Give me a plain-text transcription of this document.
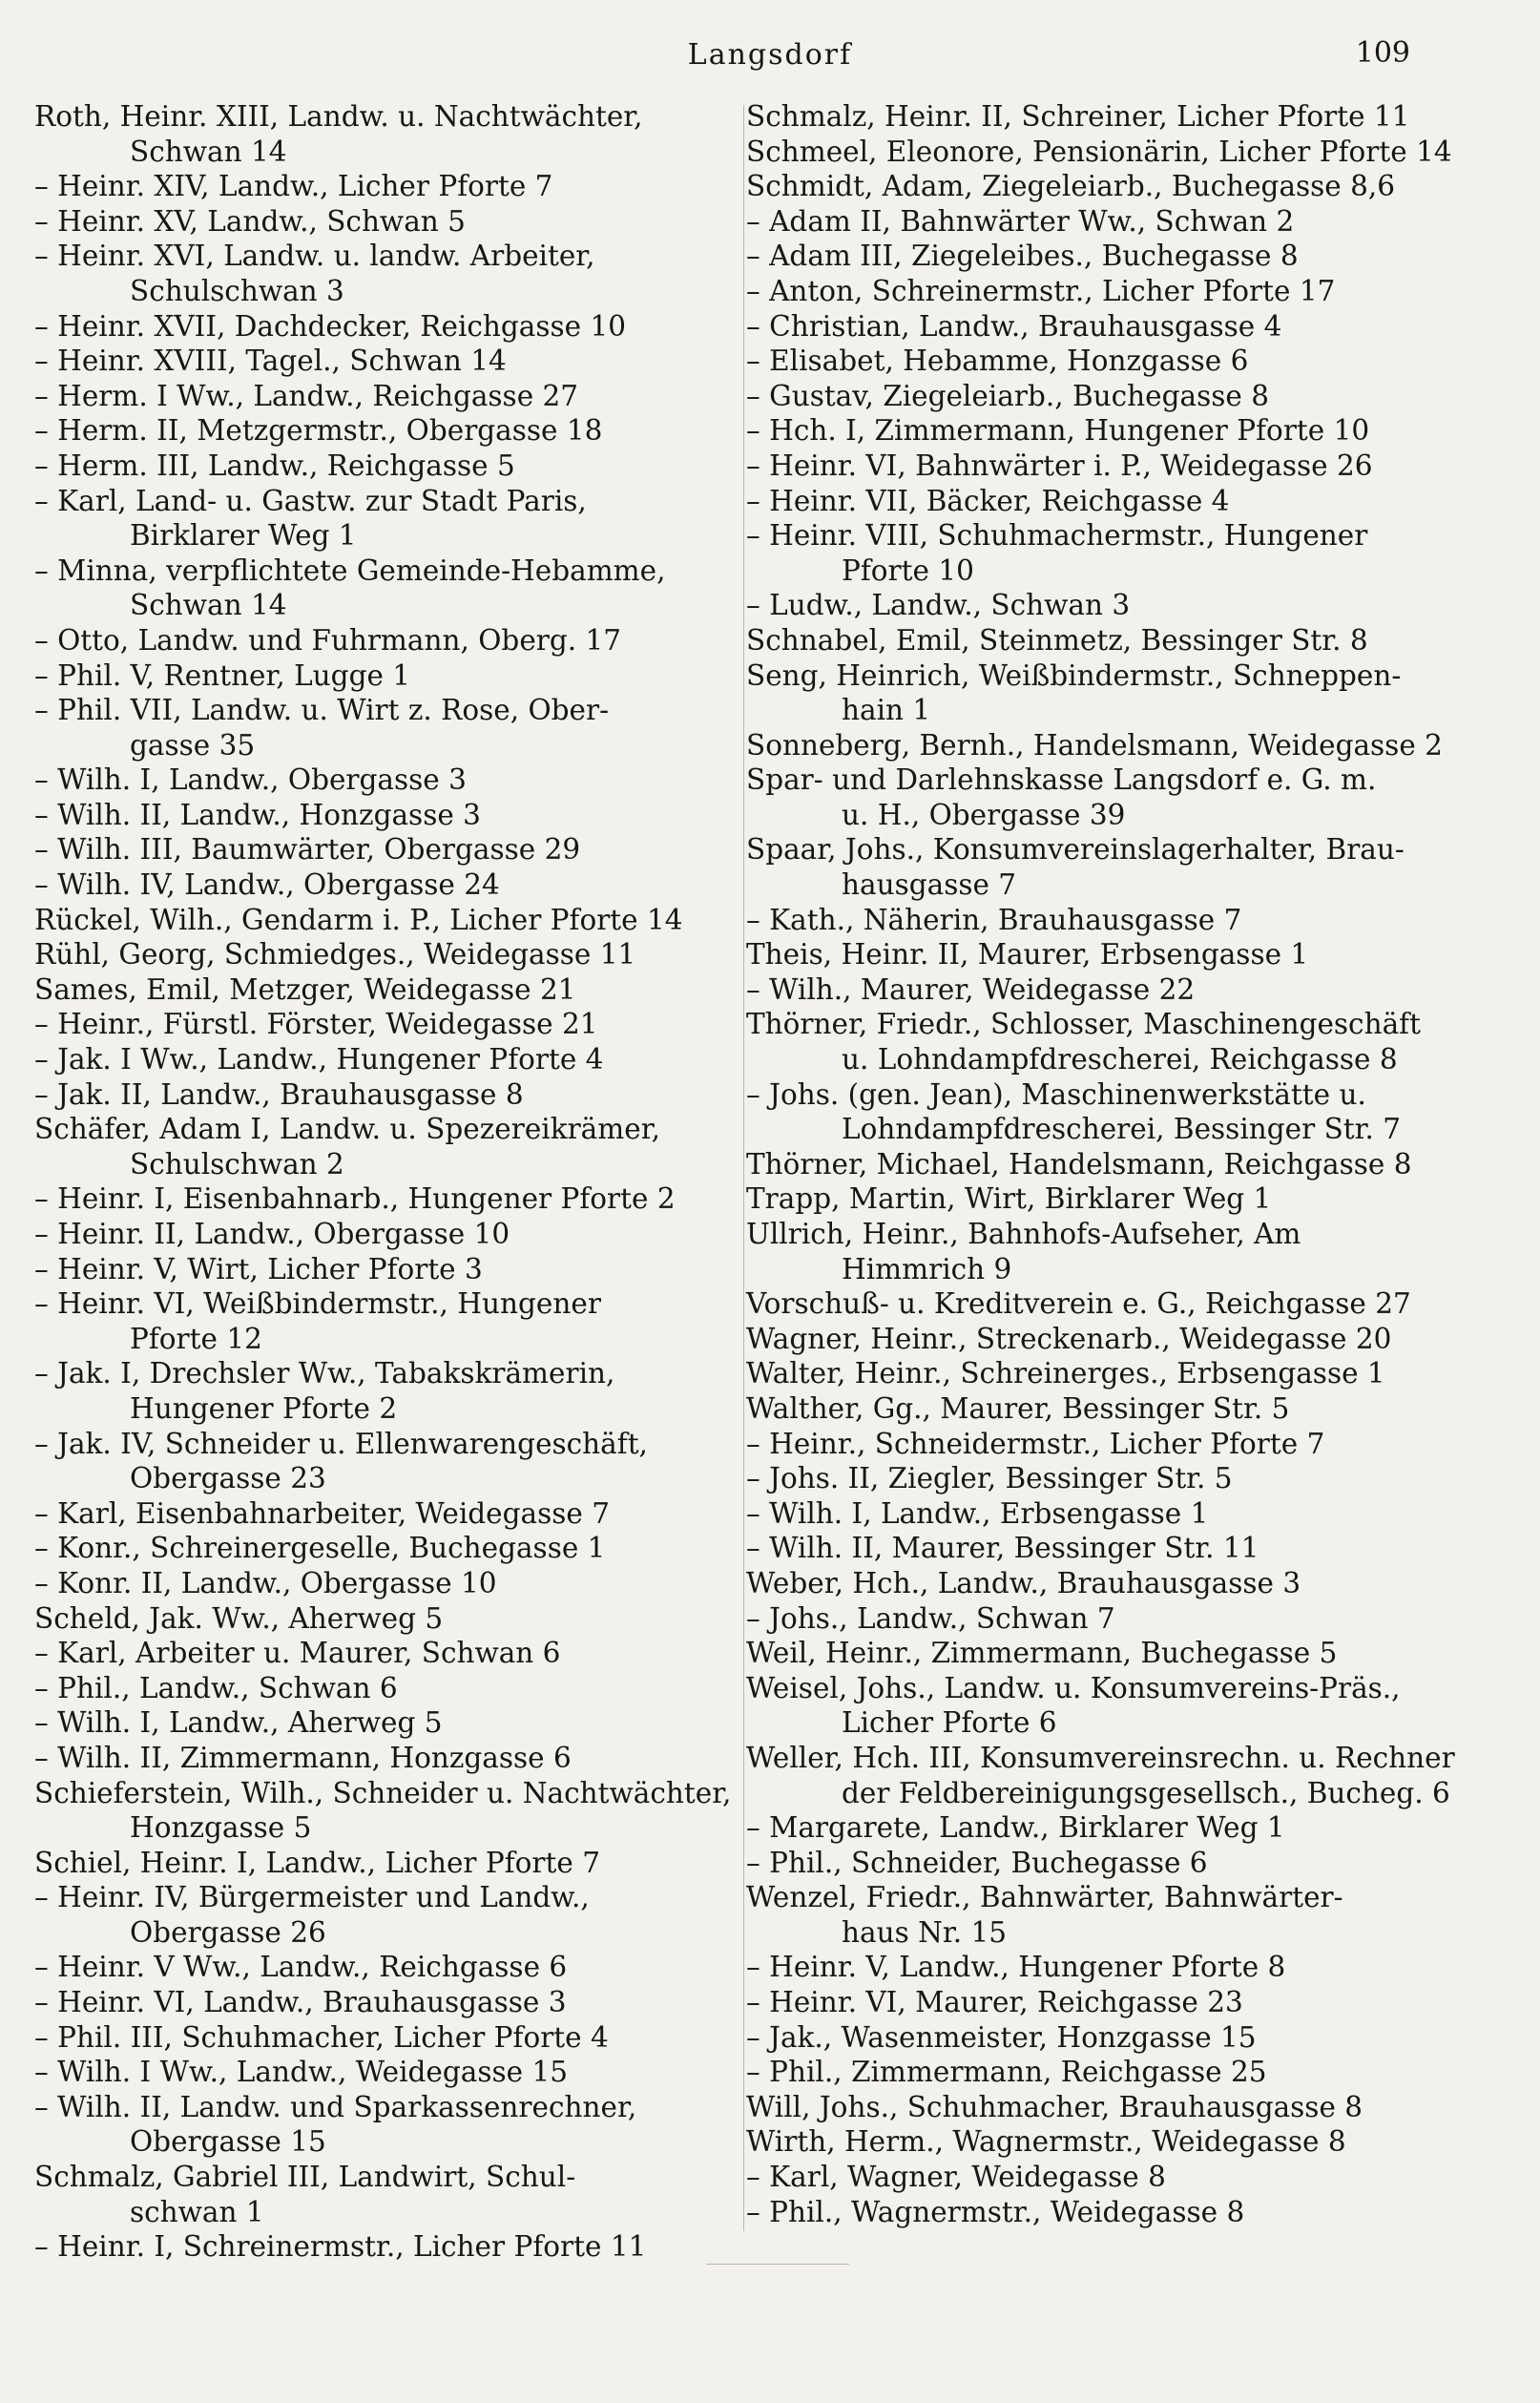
Langsdorf	109
Roth, Heinr. XIII, Landw. u. Nachtwächter,
Schwan 14
– Heinr. XIV, Landw., Licher Pforte 7
– Heinr. XV, Landw., Schwan 5
– Heinr. XVI, Landw. u. landw. Arbeiter,
Schulschwan 3
– Heinr. XVII, Dachdecker, Reichgasse 10
– Heinr. XVIII, Tagel., Schwan 14
– Herm. I Ww., Landw., Reichgasse 27
– Herm. II, Metzgermstr., Obergasse 18
– Herm. III, Landw., Reichgasse 5
– Karl, Land- u. Gastw. zur Stadt Paris,
Birklarer Weg 1
– Minna, verpflichtete Gemeinde-Hebamme,
Schwan 14
– Otto, Landw. und Fuhrmann, Oberg. 17
– Phil. V, Rentner, Lugge 1
– Phil. VII, Landw. u. Wirt z. Rose, Ober-
gasse 35
– Wilh. I, Landw., Obergasse 3
– Wilh. II, Landw., Honzgasse 3
– Wilh. III, Baumwärter, Obergasse 29
– Wilh. IV, Landw., Obergasse 24
Rückel, Wilh., Gendarm i. P., Licher Pforte 14
Rühl, Georg, Schmiedges., Weidegasse 11
Sames, Emil, Metzger, Weidegasse 21
– Heinr., Fürstl. Förster, Weidegasse 21
– Jak. I Ww., Landw., Hungener Pforte 4
– Jak. II, Landw., Brauhausgasse 8
Schäfer, Adam I, Landw. u. Spezereikrämer,
Schulschwan 2
– Heinr. I, Eisenbahnarb., Hungener Pforte 2
– Heinr. II, Landw., Obergasse 10
– Heinr. V, Wirt, Licher Pforte 3
– Heinr. VI, Weißbindermstr., Hungener
Pforte 12
– Jak. I, Drechsler Ww., Tabakskrämerin,
Hungener Pforte 2
– Jak. IV, Schneider u. Ellenwarengeschäft,
Obergasse 23
– Karl, Eisenbahnarbeiter, Weidegasse 7
– Konr., Schreinergeselle, Buchegasse 1
– Konr. II, Landw., Obergasse 10
Scheld, Jak. Ww., Aherweg 5
– Karl, Arbeiter u. Maurer, Schwan 6
– Phil., Landw., Schwan 6
– Wilh. I, Landw., Aherweg 5
– Wilh. II, Zimmermann, Honzgasse 6
Schieferstein, Wilh., Schneider u. Nachtwächter,
Honzgasse 5
Schiel, Heinr. I, Landw., Licher Pforte 7
– Heinr. IV, Bürgermeister und Landw.,
Obergasse 26
– Heinr. V Ww., Landw., Reichgasse 6
– Heinr. VI, Landw., Brauhausgasse 3
– Phil. III, Schuhmacher, Licher Pforte 4
– Wilh. I Ww., Landw., Weidegasse 15
– Wilh. II, Landw. und Sparkassenrechner,
Obergasse 15
Schmalz, Gabriel III, Landwirt, Schul-
schwan 1
– Heinr. I, Schreinermstr., Licher Pforte 11
Schmalz, Heinr. II, Schreiner, Licher Pforte 11
Schmeel, Eleonore, Pensionärin, Licher Pforte 14
Schmidt, Adam, Ziegeleiarb., Buchegasse 8,6
– Adam II, Bahnwärter Ww., Schwan 2
– Adam III, Ziegeleibes., Buchegasse 8
– Anton, Schreinermstr., Licher Pforte 17
– Christian, Landw., Brauhausgasse 4
– Elisabet, Hebamme, Honzgasse 6
– Gustav, Ziegeleiarb., Buchegasse 8
– Hch. I, Zimmermann, Hungener Pforte 10
– Heinr. VI, Bahnwärter i. P., Weidegasse 26
– Heinr. VII, Bäcker, Reichgasse 4
– Heinr. VIII, Schuhmachermstr., Hungener
Pforte 10
– Ludw., Landw., Schwan 3
Schnabel, Emil, Steinmetz, Bessinger Str. 8
Seng, Heinrich, Weißbindermstr., Schneppen-
hain 1
Sonneberg, Bernh., Handelsmann, Weidegasse 2
Spar- und Darlehnskasse Langsdorf e. G. m.
u. H., Obergasse 39
Spaar, Johs., Konsumvereinslagerhalter, Brau-
hausgasse 7
– Kath., Näherin, Brauhausgasse 7
Theis, Heinr. II, Maurer, Erbsengasse 1
– Wilh., Maurer, Weidegasse 22
Thörner, Friedr., Schlosser, Maschinengeschäft
u. Lohndampfdrescherei, Reichgasse 8
– Johs. (gen. Jean), Maschinenwerkstätte u.
Lohndampfdrescherei, Bessinger Str. 7
Thörner, Michael, Handelsmann, Reichgasse 8
Trapp, Martin, Wirt, Birklarer Weg 1
Ullrich, Heinr., Bahnhofs-Aufseher, Am
Himmrich 9
Vorschuß- u. Kreditverein e. G., Reichgasse 27
Wagner, Heinr., Streckenarb., Weidegasse 20
Walter, Heinr., Schreinerges., Erbsengasse 1
Walther, Gg., Maurer, Bessinger Str. 5
– Heinr., Schneidermstr., Licher Pforte 7
– Johs. II, Ziegler, Bessinger Str. 5
– Wilh. I, Landw., Erbsengasse 1
– Wilh. II, Maurer, Bessinger Str. 11
Weber, Hch., Landw., Brauhausgasse 3
– Johs., Landw., Schwan 7
Weil, Heinr., Zimmermann, Buchegasse 5
Weisel, Johs., Landw. u. Konsumvereins-Präs.,
Licher Pforte 6
Weller, Hch. III, Konsumvereinsrechn. u. Rechner
der Feldbereinigungsgesellsch., Bucheg. 6
– Margarete, Landw., Birklarer Weg 1
– Phil., Schneider, Buchegasse 6
Wenzel, Friedr., Bahnwärter, Bahnwärter-
haus Nr. 15
– Heinr. V, Landw., Hungener Pforte 8
– Heinr. VI, Maurer, Reichgasse 23
– Jak., Wasenmeister, Honzgasse 15
– Phil., Zimmermann, Reichgasse 25
Will, Johs., Schuhmacher, Brauhausgasse 8
Wirth, Herm., Wagnermstr., Weidegasse 8
– Karl, Wagner, Weidegasse 8
– Phil., Wagnermstr., Weidegasse 8
